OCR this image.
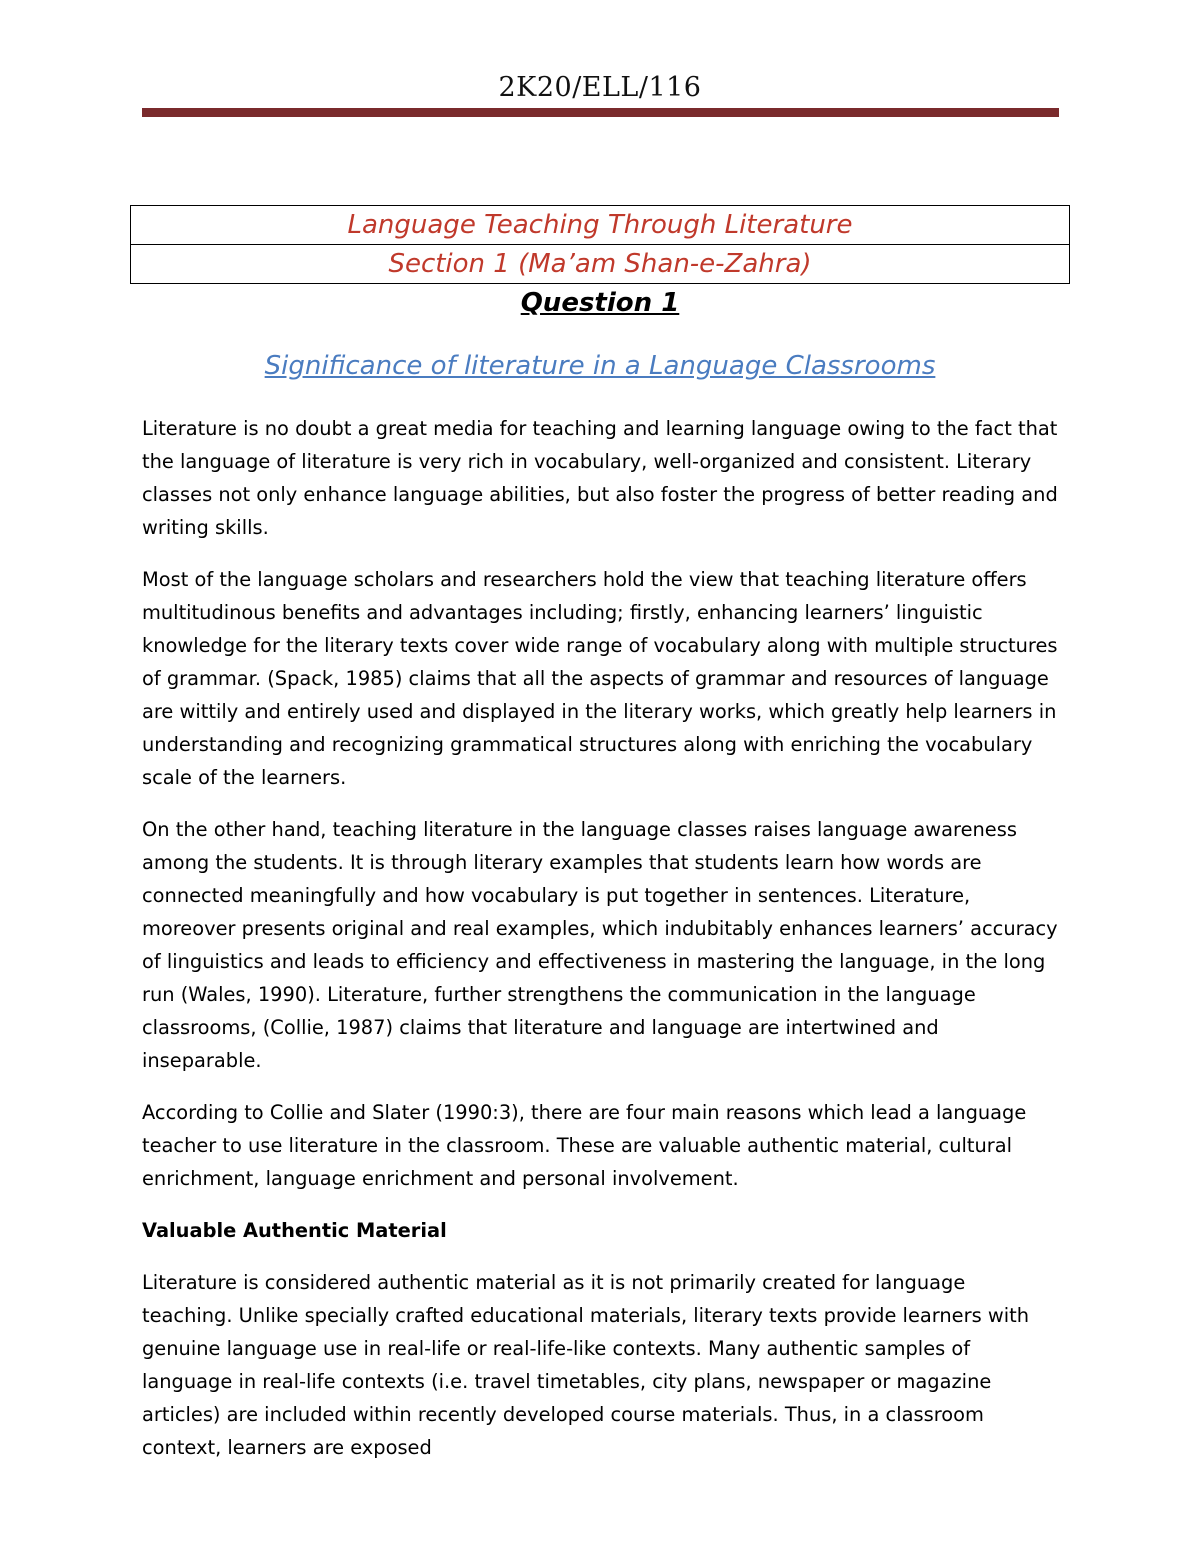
2K20/ELL/116
Language Teaching Through Literature
Section 1 (Ma’am Shan-e-Zahra)
Question 1
Significance of literature in a Language Classrooms

Literature is no doubt a great media for teaching and learning language owing to the fact that the language of literature is very rich in vocabulary, well-organized and consistent. Literary classes not only enhance language abilities, but also foster the progress of better reading and writing skills.

Most of the language scholars and researchers hold the view that teaching literature offers multitudinous benefits and advantages including; firstly, enhancing learners’ linguistic knowledge for the literary texts cover wide range of vocabulary along with multiple structures of grammar. (Spack, 1985) claims that all the aspects of grammar and resources of language are wittily and entirely used and displayed in the literary works, which greatly help learners in understanding and recognizing grammatical structures along with enriching the vocabulary scale of the learners.

On the other hand, teaching literature in the language classes raises language awareness among the students. It is through literary examples that students learn how words are connected meaningfully and how vocabulary is put together in sentences. Literature, moreover presents original and real examples, which indubitably enhances learners’ accuracy of linguistics and leads to efficiency and effectiveness in mastering the language, in the long run (Wales, 1990). Literature, further strengthens the communication in the language classrooms, (Collie, 1987) claims that literature and language are intertwined and inseparable.

According to Collie and Slater (1990:3), there are four main reasons which lead a language teacher to use literature in the classroom. These are valuable authentic material, cultural enrichment, language enrichment and personal involvement.

Valuable Authentic Material

Literature is considered authentic material as it is not primarily created for language teaching. Unlike specially crafted educational materials, literary texts provide learners with genuine language use in real-life or real-life-like contexts. Many authentic samples of language in real-life contexts (i.e. travel timetables, city plans, newspaper or magazine articles) are included within recently developed course materials. Thus, in a classroom context, learners are exposed
